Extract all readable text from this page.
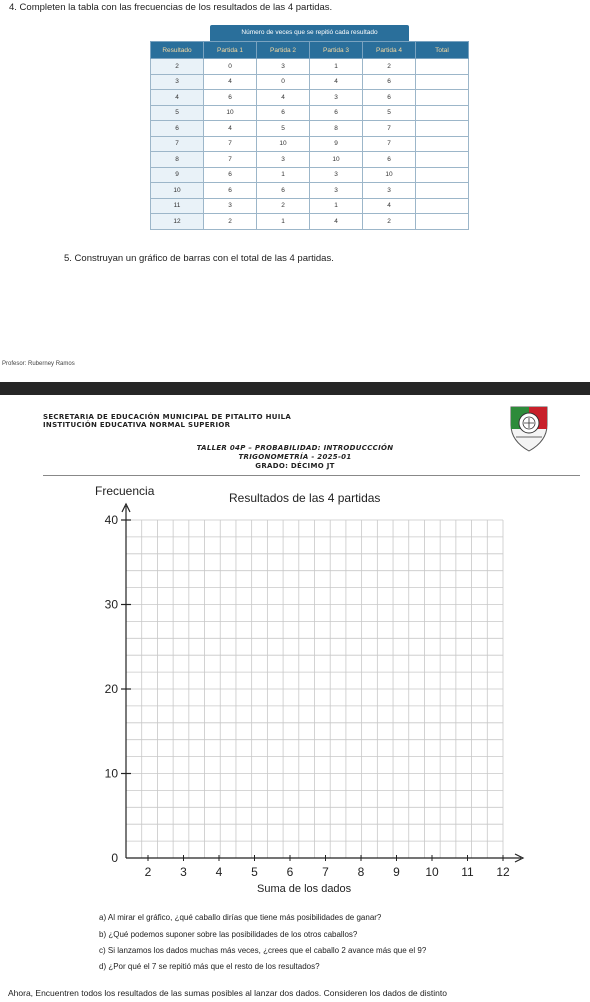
4. Completen la tabla con las frecuencias de los resultados de las 4 partidas.
Número de veces que se repitió cada resultado
Resultado	Partida 1	Partida 2	Partida 3	Partida 4	Total
2	0	3	1	2	
3	4	0	4	6	
4	6	4	3	6	
5	10	6	6	5	
6	4	5	8	7	
7	7	10	9	7	
8	7	3	10	6	
9	6	1	3	10	
10	6	6	3	3	
11	3	2	1	4	
12	2	1	4	2	
5. Construyan un gráfico de barras con el total de las 4 partidas.
Profesor: Ruberney Ramos
SECRETARIA DE EDUCACIÓN MUNICIPAL DE PITALITO HUILA
INSTITUCIÓN EDUCATIVA NORMAL SUPERIOR
TALLER 04P – PROBABILIDAD: INTRODUCCCIÓN
TRIGONOMETRÍA - 2025-01
GRADO: DÉCIMO JT
0
10
20
30
40
2 3 4 5 6 7 8 9 10 11 12
Frecuencia	Resultados de las 4 partidas
Suma de los dados
a) Al mirar el gráfico, ¿qué caballo dirías que tiene más posibilidades de ganar?
b) ¿Qué podemos suponer sobre las posibilidades de los otros caballos?
c) Si lanzamos los dados muchas más veces, ¿crees que el caballo 2 avance más que el 9?
d) ¿Por qué el 7 se repitió más que el resto de los resultados?
Ahora, Encuentren todos los resultados de las sumas posibles al lanzar dos dados. Consideren los dados de distinto
